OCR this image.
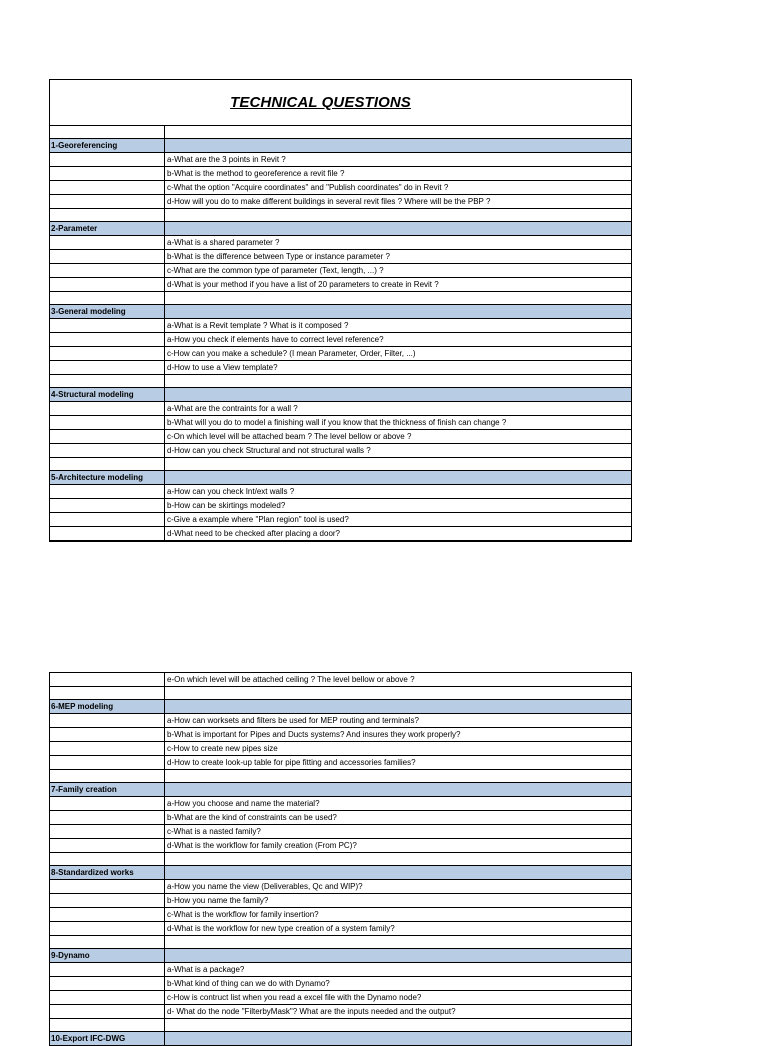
TECHNICAL QUESTIONS
1-Georeferencing
a-What are the 3 points in Revit ?
b-What is the method to georeference a revit file ?
c-What the option "Acquire coordinates" and "Publish coordinates" do in Revit ?
d-How will you do to make different buildings in several revit files ? Where will be the PBP ?
2-Parameter
a-What is a shared parameter ?
b-What is the difference between Type or instance parameter ?
c-What are the common type of parameter (Text, length, ...) ?
d-What is your method if you have a list of 20 parameters to create in Revit ?
3-General modeling
a-What is a Revit template ? What is it composed ?
a-How you check if elements have to correct level reference?
c-How can you make a schedule? (I mean Parameter, Order, Filter, ...)
d-How to use a View template?
4-Structural modeling
a-What are the contraints for a wall ?
b-What will you do to model a finishing wall if you know that the thickness of finish can change ?
c-On which level will be attached beam ? The level bellow or above ?
d-How can you check Structural and not structural walls ?
5-Architecture modeling
a-How can you check Int/ext walls ?
b-How can be skirtings modeled?
c-Give a example where "Plan region" tool is used?
d-What need to be checked after placing a door?
e-On which level will be attached ceiling ? The level bellow or above ?
6-MEP modeling
a-How can worksets and filters be used for MEP routing and terminals?
b-What is important for Pipes and Ducts systems? And insures they work properly?
c-How to create new pipes size
d-How to create look-up table for pipe fitting and accessories families?
7-Family creation
a-How you choose and name the material?
b-What are the kind of constraints can be used?
c-What is a nasted family?
d-What is the workflow for family creation (From PC)?
8-Standardized works
a-How you name the view (Deliverables, Qc and WIP)?
b-How you name the family?
c-What is the workflow for family insertion?
d-What is the workflow for new type creation of a system family?
9-Dynamo
a-What is a package?
b-What kind of thing can we do with Dynamo?
c-How is contruct list when you read a excel file with the Dynamo node?
d- What do the node "FilterbyMask"? What are the inputs needed and the output?
10-Export IFC-DWG
